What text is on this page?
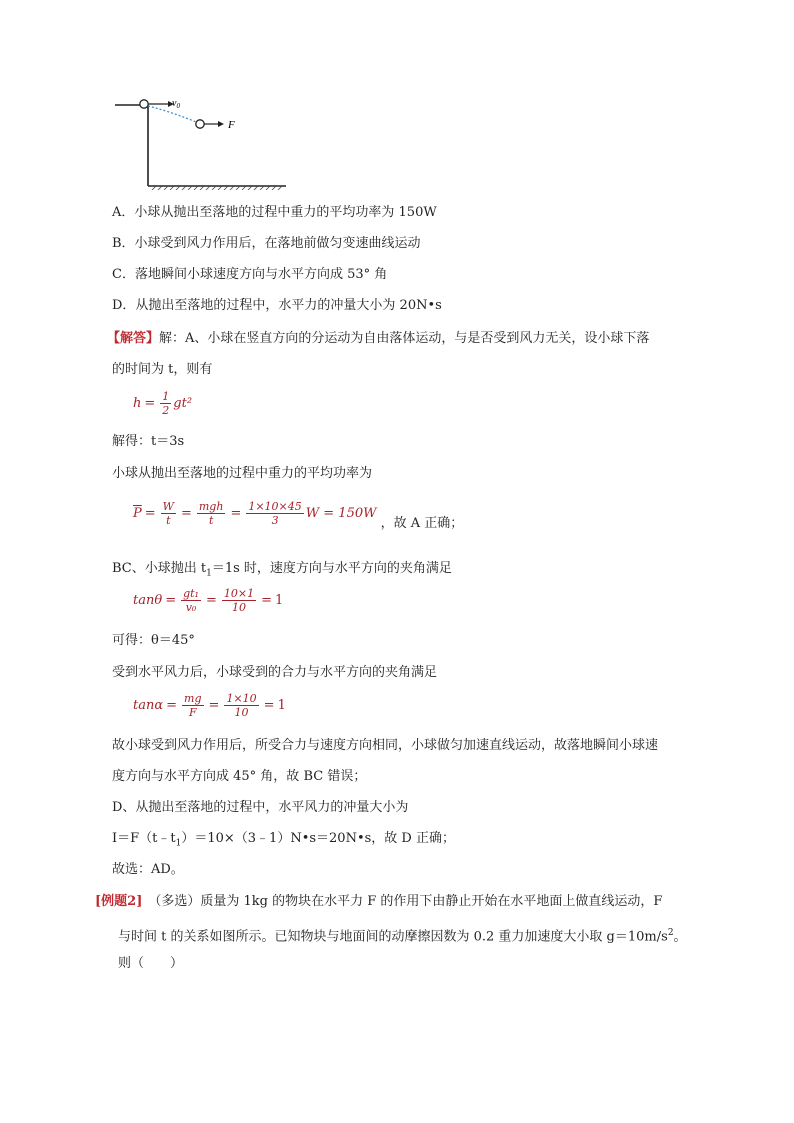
$v_0$
F
A．小球从抛出至落地的过程中重力的平均功率为 150W
B．小球受到风力作用后，在落地前做匀变速曲线运动
C．落地瞬间小球速度方向与水平方向成 53° 角
D．从抛出至落地的过程中，水平力的冲量大小为 20N•s
【解答】解：A、小球在竖直方向的分运动为自由落体运动，与是否受到风力无关，设小球下落
的时间为 t，则有
$h = \frac{1}{2} gt^2$
解得：t＝3s
小球从抛出至落地的过程中重力的平均功率为
$\overline{P} = \frac{W}{t} = \frac{\text{mgh}}{t} = \frac{1\times 10\times 45}{3}$ W = 150W ，故 A 正确；
BC、小球抛出 $t_1=1s$ 时，速度方向与水平方向的夹角满足
$\tan\theta = \frac{\text{gt₁}}{\text{v₀}} = \frac{10\times 1}{10} = 1$
可得：θ＝45°
受到水平风力后，小球受到的合力与水平方向的夹角满足
$\tan\alpha = \frac{mg}{F} = \frac{1\times 10}{10} = 1$
故小球受到风力作用后，所受合力与速度方向相同，小球做匀加速直线运动，故落地瞬间小球速
度方向与水平方向成 45° 角，故 BC 错误；
D、从抛出至落地的过程中，水平风力的冲量大小为
$I=F(t﹣t_1)=10\times(3﹣1)N•s=20N•s$，故 D 正确；
故选：AD。
[例题2] （多选）质量为 1kg 的物块在水平力 F 的作用下由静止开始在水平地面上做直线运动，F
与时间 t 的关系如图所示。已知物块与地面间的动摩擦因数为 0.2 重力加速度大小取 $g=10m/s^2$。
则（　　）
